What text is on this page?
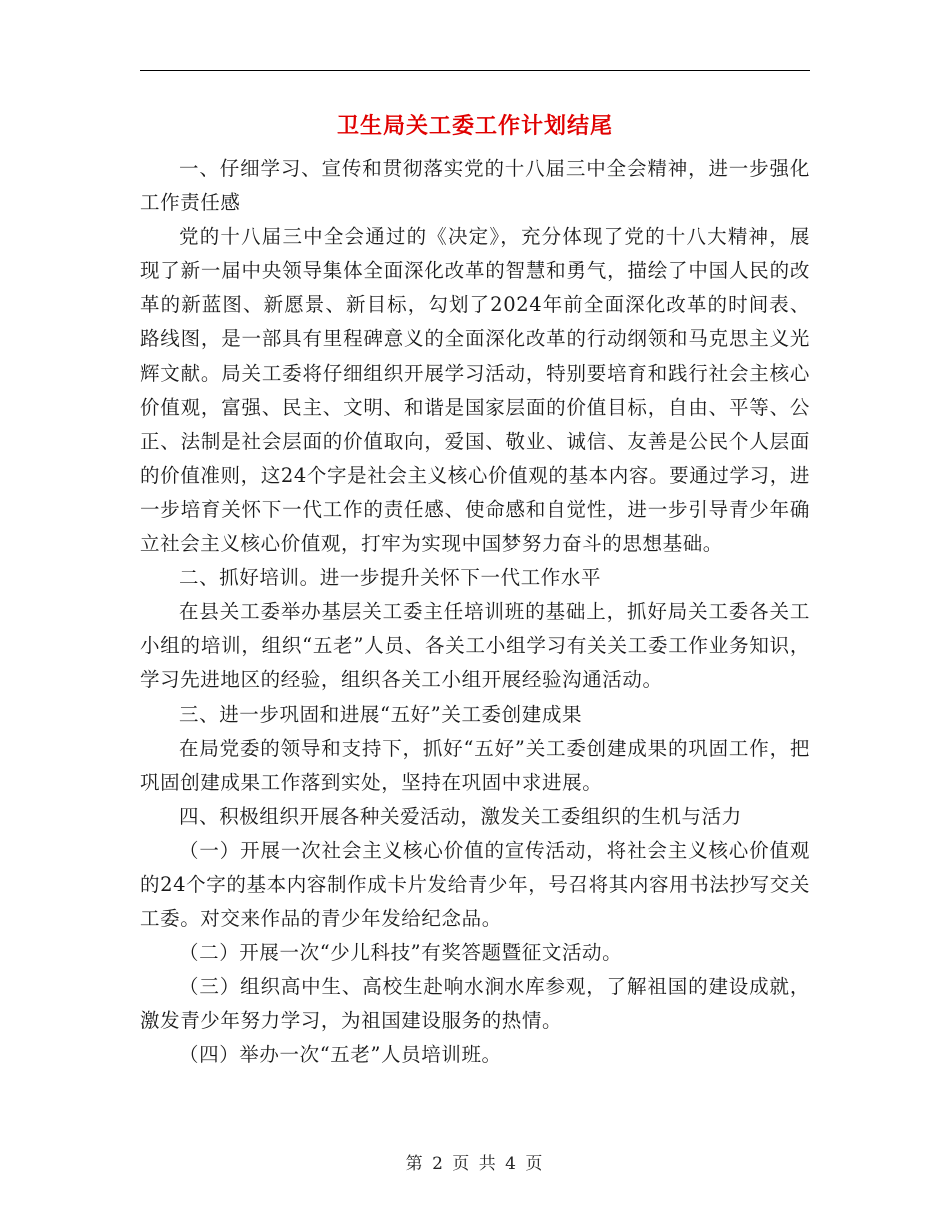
卫生局关工委工作计划结尾

一、仔细学习、宣传和贯彻落实党的十八届三中全会精神，进一步强化工作责任感

党的十八届三中全会通过的《决定》，充分体现了党的十八大精神，展现了新一届中央领导集体全面深化改革的智慧和勇气，描绘了中国人民的改革的新蓝图、新愿景、新目标，勾划了2024年前全面深化改革的时间表、路线图，是一部具有里程碑意义的全面深化改革的行动纲领和马克思主义光辉文献。局关工委将仔细组织开展学习活动，特别要培育和践行社会主核心价值观，富强、民主、文明、和谐是国家层面的价值目标，自由、平等、公正、法制是社会层面的价值取向，爱国、敬业、诚信、友善是公民个人层面的价值准则，这24个字是社会主义核心价值观的基本内容。要通过学习，进一步培育关怀下一代工作的责任感、使命感和自觉性，进一步引导青少年确立社会主义核心价值观，打牢为实现中国梦努力奋斗的思想基础。

二、抓好培训。进一步提升关怀下一代工作水平

在县关工委举办基层关工委主任培训班的基础上，抓好局关工委各关工小组的培训，组织“五老”人员、各关工小组学习有关关工委工作业务知识，学习先进地区的经验，组织各关工小组开展经验沟通活动。

三、进一步巩固和进展“五好”关工委创建成果

在局党委的领导和支持下，抓好“五好”关工委创建成果的巩固工作，把巩固创建成果工作落到实处，坚持在巩固中求进展。

四、积极组织开展各种关爱活动，激发关工委组织的生机与活力

（一）开展一次社会主义核心价值的宣传活动，将社会主义核心价值观的24个字的基本内容制作成卡片发给青少年，号召将其内容用书法抄写交关工委。对交来作品的青少年发给纪念品。

（二）开展一次“少儿科技”有奖答题暨征文活动。

（三）组织高中生、高校生赴响水涧水库参观，了解祖国的建设成就，激发青少年努力学习，为祖国建设服务的热情。

（四）举办一次“五老”人员培训班。

第 2 页 共 4 页
